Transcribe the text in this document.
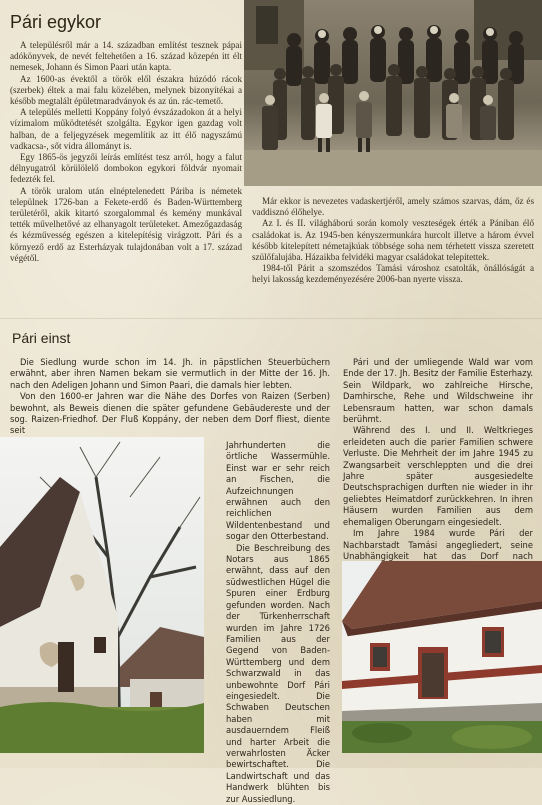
Pári egykor

A településről már a 14. században említést tesznek pápai adókönyvek, de nevét feltehetően a 16. század közepén itt élt nemesek, Johann és Simon Paari után kapta.

Az 1600-as évektől a török elől északra húzódó rácok (szerbek) éltek a mai falu közelében, melynek bizonyítékai a később megtalált épületmaradványok és az ún. rác-temető.

A település melletti Koppány folyó évszázadokon át a helyi vízimalom működtetését szolgálta. Egykor igen gazdag volt halban, de a feljegyzések megemlítik az itt élő nagyszámú vadkacsa-, sőt vidra állományt is.

Egy 1865-ös jegyzői leírás említést tesz arról, hogy a falut délnyugatról körülölelő dombokon egykori földvár nyomait fedezték fel.

A török uralom után elnéptelenedett Páriba is németek települnek 1726-ban a Fekete-erdő és Baden-Württemberg területéről, akik kitartó szorgalommal és kemény munkával tették művelhetővé az elhanyagolt területeket. Amezőgazdaság és kézművesség egészen a kitelepítésig virágzott. Pári és a környező erdő az Esterházyak tulajdonában volt a 17. század végétől.

Már ekkor is nevezetes vadaskertjéről, amely számos szarvas, dám, őz és vaddisznó élőhelye.

Az I. és II. világháború során komoly veszteségek érték a Pániban élő családokat is. Az 1945-ben kényszermunkára hurcolt illetve a három évvel később kitelepített németajkúak többsége soha nem térhetett vissza szeretett szülőfalujába. Házaikba felvidéki magyar családokat telepítettek.

1984-től Párit a szomszédos Tamási városhoz csatolták, önállóságát a helyi lakosság kezdeményezésére 2006-ban nyerte vissza.

Pári einst

Die Siedlung wurde schon im 14. Jh. in päpstlichen Steuerbüchern erwähnt, aber ihren Namen bekam sie vermutlich in der Mitte der 16. Jh. nach den Adeligen Johann und Simon Paari, die damals hier lebten.

Von den 1600-er Jahren war die Nähe des Dorfes von Raizen (Serben) bewohnt, als Beweis dienen die später gefundene Gebäudereste und der sog. Raizen-Friedhof. Der Fluß Koppány, der neben dem Dorf fliest, diente seit

Jahrhunderten die örtliche Wassermühle. Einst war er sehr reich an Fischen, die Aufzeichnungen erwähnen auch den reichlichen Wildentenbestand und sogar den Otterbestand.

Die Beschreibung des Notars aus 1865 erwähnt, dass auf den südwestlichen Hügel die Spuren einer Erdburg gefunden worden. Nach der Türkenherrschaft wurden im Jahre 1726 Familien aus der Gegend von Baden-Württemberg und dem Schwarzwald in das unbewohnte Dorf Pári eingesiedelt. Die Schwaben Deutschen haben mit ausdauerndem Fleiß und harter Arbeit die verwahrlosten Äcker bewirtschaftet. Die Landwirtschaft und das Handwerk blühten bis zur Aussiedlung.

Pári und der umliegende Wald war vom Ende der 17. Jh. Besitz der Familie Esterhazy. Sein Wildpark, wo zahlreiche Hirsche, Damhirsche, Rehe und Wildschweine ihr Lebensraum hatten, war schon damals berühmt.

Während des I. und II. Weltkrieges erleideten auch die parier Familien schwere Verluste. Die Mehrheit der im Jahre 1945 zu Zwangsarbeit verschleppten und die drei Jahre später ausgesiedelte Deutschsprachigen durften nie wieder in ihr geliebtes Heimatdorf zurückkehren. In ihren Häusern wurden Familien aus dem ehemaligen Oberungarn eingesiedelt.

Im Jahre 1984 wurde Pári der Nachbarstadt Tamási angegliedert, seine Unabhängigkeit hat das Dorf nach
